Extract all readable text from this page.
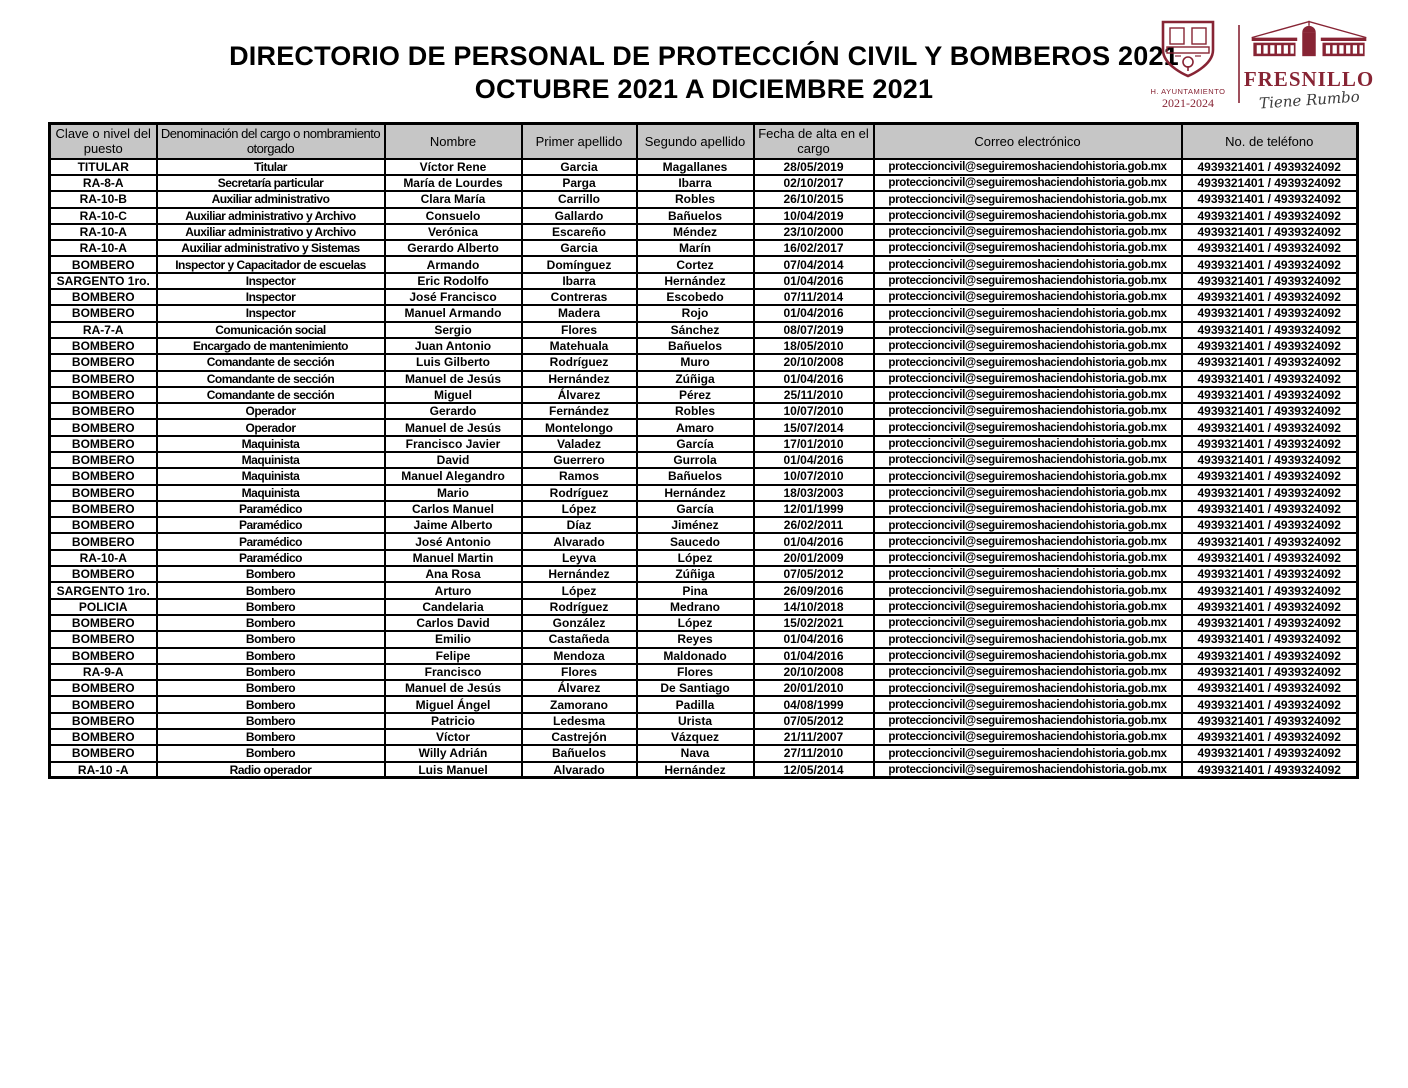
DIRECTORIO DE PERSONAL DE PROTECCIÓN CIVIL Y BOMBEROS 2021
OCTUBRE 2021 A DICIEMBRE 2021	H. AYUNTAMIENTO
2021-2024
FRESNILLO
Tiene Rumbo
Clave o nivel del puesto	Denominación del cargo o nombramiento otorgado	Nombre	Primer apellido	Segundo apellido	Fecha de alta en el cargo	Correo electrónico	No. de teléfono
TITULAR	Titular	Víctor Rene	Garcia	Magallanes	28/05/2019	proteccioncivil@seguiremoshaciendohistoria.gob.mx	4939321401 / 4939324092
RA-8-A	Secretaría particular	María de Lourdes	Parga	Ibarra	02/10/2017	proteccioncivil@seguiremoshaciendohistoria.gob.mx	4939321401 / 4939324092
RA-10-B	Auxiliar administrativo	Clara María	Carrillo	Robles	26/10/2015	proteccioncivil@seguiremoshaciendohistoria.gob.mx	4939321401 / 4939324092
RA-10-C	Auxiliar administrativo y Archivo	Consuelo	Gallardo	Bañuelos	10/04/2019	proteccioncivil@seguiremoshaciendohistoria.gob.mx	4939321401 / 4939324092
RA-10-A	Auxiliar administrativo y Archivo	Verónica	Escareño	Méndez	23/10/2000	proteccioncivil@seguiremoshaciendohistoria.gob.mx	4939321401 / 4939324092
RA-10-A	Auxiliar administrativo y Sistemas	Gerardo Alberto	Garcia	Marín	16/02/2017	proteccioncivil@seguiremoshaciendohistoria.gob.mx	4939321401 / 4939324092
BOMBERO	Inspector y Capacitador de escuelas	Armando	Domínguez	Cortez	07/04/2014	proteccioncivil@seguiremoshaciendohistoria.gob.mx	4939321401 / 4939324092
SARGENTO 1ro.	Inspector	Eric Rodolfo	Ibarra	Hernández	01/04/2016	proteccioncivil@seguiremoshaciendohistoria.gob.mx	4939321401 / 4939324092
BOMBERO	Inspector	José Francisco	Contreras	Escobedo	07/11/2014	proteccioncivil@seguiremoshaciendohistoria.gob.mx	4939321401 / 4939324092
BOMBERO	Inspector	Manuel Armando	Madera	Rojo	01/04/2016	proteccioncivil@seguiremoshaciendohistoria.gob.mx	4939321401 / 4939324092
RA-7-A	Comunicación social	Sergio	Flores	Sánchez	08/07/2019	proteccioncivil@seguiremoshaciendohistoria.gob.mx	4939321401 / 4939324092
BOMBERO	Encargado de mantenimiento	Juan Antonio	Matehuala	Bañuelos	18/05/2010	proteccioncivil@seguiremoshaciendohistoria.gob.mx	4939321401 / 4939324092
BOMBERO	Comandante de sección	Luis Gilberto	Rodríguez	Muro	20/10/2008	proteccioncivil@seguiremoshaciendohistoria.gob.mx	4939321401 / 4939324092
BOMBERO	Comandante de sección	Manuel de Jesús	Hernández	Zúñiga	01/04/2016	proteccioncivil@seguiremoshaciendohistoria.gob.mx	4939321401 / 4939324092
BOMBERO	Comandante de sección	Miguel	Álvarez	Pérez	25/11/2010	proteccioncivil@seguiremoshaciendohistoria.gob.mx	4939321401 / 4939324092
BOMBERO	Operador	Gerardo	Fernández	Robles	10/07/2010	proteccioncivil@seguiremoshaciendohistoria.gob.mx	4939321401 / 4939324092
BOMBERO	Operador	Manuel de Jesús	Montelongo	Amaro	15/07/2014	proteccioncivil@seguiremoshaciendohistoria.gob.mx	4939321401 / 4939324092
BOMBERO	Maquinista	Francisco Javier	Valadez	García	17/01/2010	proteccioncivil@seguiremoshaciendohistoria.gob.mx	4939321401 / 4939324092
BOMBERO	Maquinista	David	Guerrero	Gurrola	01/04/2016	proteccioncivil@seguiremoshaciendohistoria.gob.mx	4939321401 / 4939324092
BOMBERO	Maquinista	Manuel Alegandro	Ramos	Bañuelos	10/07/2010	proteccioncivil@seguiremoshaciendohistoria.gob.mx	4939321401 / 4939324092
BOMBERO	Maquinista	Mario	Rodríguez	Hernández	18/03/2003	proteccioncivil@seguiremoshaciendohistoria.gob.mx	4939321401 / 4939324092
BOMBERO	Paramédico	Carlos Manuel	López	García	12/01/1999	proteccioncivil@seguiremoshaciendohistoria.gob.mx	4939321401 / 4939324092
BOMBERO	Paramédico	Jaime Alberto	Díaz	Jiménez	26/02/2011	proteccioncivil@seguiremoshaciendohistoria.gob.mx	4939321401 / 4939324092
BOMBERO	Paramédico	José Antonio	Alvarado	Saucedo	01/04/2016	proteccioncivil@seguiremoshaciendohistoria.gob.mx	4939321401 / 4939324092
RA-10-A	Paramédico	Manuel Martin	Leyva	López	20/01/2009	proteccioncivil@seguiremoshaciendohistoria.gob.mx	4939321401 / 4939324092
BOMBERO	Bombero	Ana Rosa	Hernández	Zúñiga	07/05/2012	proteccioncivil@seguiremoshaciendohistoria.gob.mx	4939321401 / 4939324092
SARGENTO 1ro.	Bombero	Arturo	López	Pina	26/09/2016	proteccioncivil@seguiremoshaciendohistoria.gob.mx	4939321401 / 4939324092
POLICIA	Bombero	Candelaria	Rodríguez	Medrano	14/10/2018	proteccioncivil@seguiremoshaciendohistoria.gob.mx	4939321401 / 4939324092
BOMBERO	Bombero	Carlos David	González	López	15/02/2021	proteccioncivil@seguiremoshaciendohistoria.gob.mx	4939321401 / 4939324092
BOMBERO	Bombero	Emilio	Castañeda	Reyes	01/04/2016	proteccioncivil@seguiremoshaciendohistoria.gob.mx	4939321401 / 4939324092
BOMBERO	Bombero	Felipe	Mendoza	Maldonado	01/04/2016	proteccioncivil@seguiremoshaciendohistoria.gob.mx	4939321401 / 4939324092
RA-9-A	Bombero	Francisco	Flores	Flores	20/10/2008	proteccioncivil@seguiremoshaciendohistoria.gob.mx	4939321401 / 4939324092
BOMBERO	Bombero	Manuel de Jesús	Álvarez	De Santiago	20/01/2010	proteccioncivil@seguiremoshaciendohistoria.gob.mx	4939321401 / 4939324092
BOMBERO	Bombero	Miguel Ángel	Zamorano	Padilla	04/08/1999	proteccioncivil@seguiremoshaciendohistoria.gob.mx	4939321401 / 4939324092
BOMBERO	Bombero	Patricio	Ledesma	Urista	07/05/2012	proteccioncivil@seguiremoshaciendohistoria.gob.mx	4939321401 / 4939324092
BOMBERO	Bombero	Víctor	Castrejón	Vázquez	21/11/2007	proteccioncivil@seguiremoshaciendohistoria.gob.mx	4939321401 / 4939324092
BOMBERO	Bombero	Willy Adrián	Bañuelos	Nava	27/11/2010	proteccioncivil@seguiremoshaciendohistoria.gob.mx	4939321401 / 4939324092
RA-10 -A	Radio operador	Luis Manuel	Alvarado	Hernández	12/05/2014	proteccioncivil@seguiremoshaciendohistoria.gob.mx	4939321401 / 4939324092
